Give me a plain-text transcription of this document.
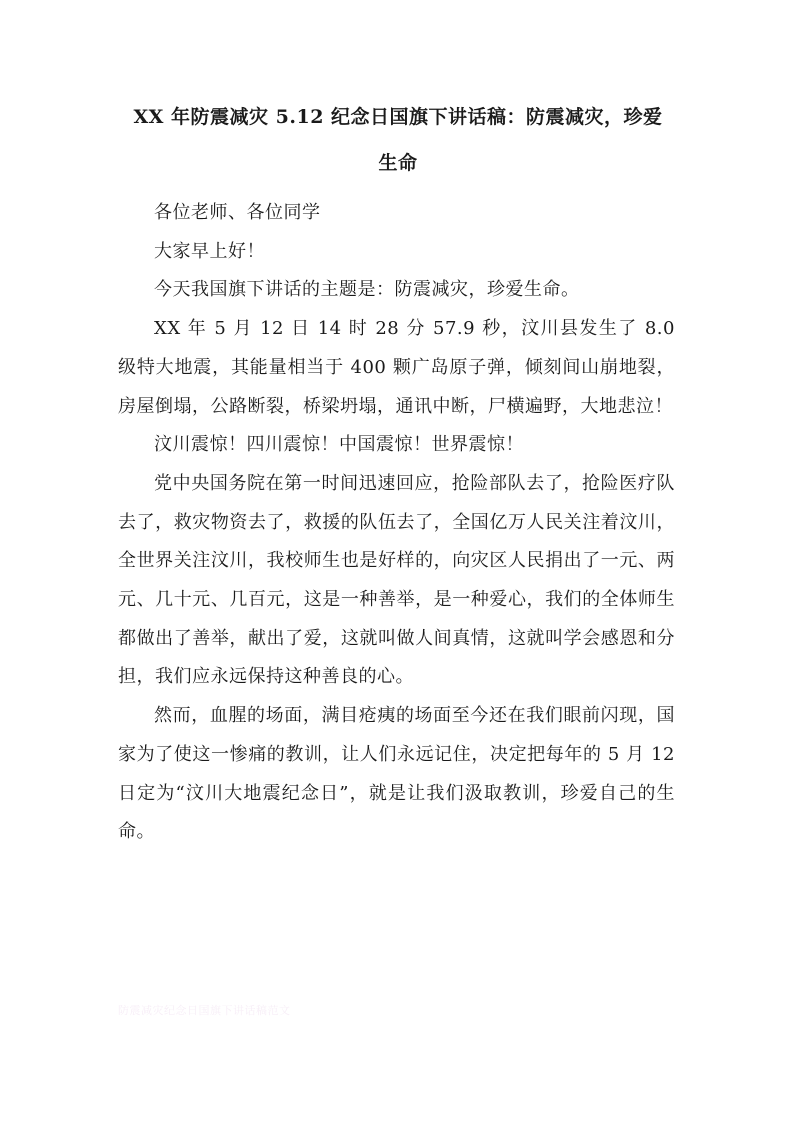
XX 年防震减灾 5.12 纪念日国旗下讲话稿：防震减灾，珍爱
生命

各位老师、各位同学

大家早上好！

今天我国旗下讲话的主题是：防震减灾，珍爱生命。

XX 年 5 月 12 日 14 时 28 分 57.9 秒，汶川县发生了 8.0 级特大地震，其能量相当于 400 颗广岛原子弹，倾刻间山崩地裂，房屋倒塌，公路断裂，桥梁坍塌，通讯中断，尸横遍野，大地悲泣！

汶川震惊！四川震惊！中国震惊！世界震惊！

党中央国务院在第一时间迅速回应，抢险部队去了，抢险医疗队去了，救灾物资去了，救援的队伍去了，全国亿万人民关注着汶川，全世界关注汶川，我校师生也是好样的，向灾区人民捐出了一元、两元、几十元、几百元，这是一种善举，是一种爱心，我们的全体师生都做出了善举，献出了爱，这就叫做人间真情，这就叫学会感恩和分担，我们应永远保持这种善良的心。

然而，血腥的场面，满目疮痍的场面至今还在我们眼前闪现，国家为了使这一惨痛的教训，让人们永远记住，决定把每年的 5 月 12 日定为“汶川大地震纪念日”，就是让我们汲取教训，珍爱自己的生命。

防震减灾纪念日国旗下讲话稿范文
